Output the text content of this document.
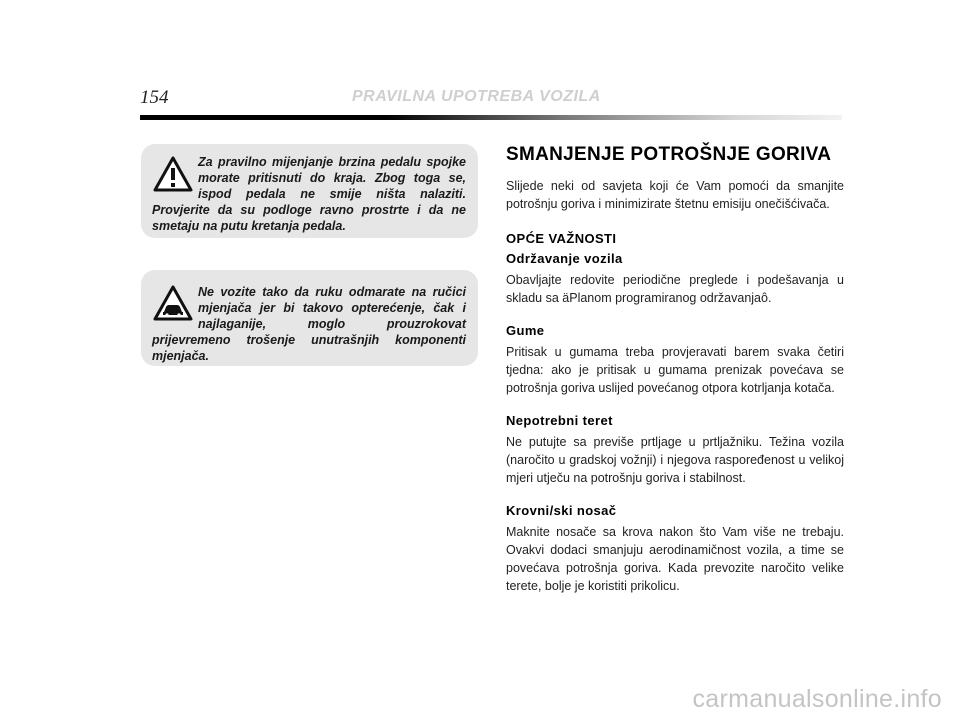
154	PRAVILNA UPOTREBA VOZILA
Za pravilno mijenjanje brzina pedalu spojke morate pritisnuti do kraja. Zbog toga se, ispod pedala ne smije ništa nalaziti. Provjerite da su podloge ravno prostrte i da ne smetaju na putu kretanja pedala.
Ne vozite tako da ruku odmarate na ručici mjenjača jer bi takovo opterećenje, čak i najlaganije, moglo prouzrokovat prijevremeno trošenje unutrašnjih komponenti mjenjača.
SMANJENJE POTROŠNJE GORIVA

Slijede neki od savjeta koji će Vam pomoći da smanjite potrošnju goriva i minimizirate štetnu emisiju onečišćivača.

OPĆE VAŽNOSTI

Održavanje vozila

Obavljajte redovite periodične preglede i podešavanja u skladu sa äPlanom programiranog održavanjaô.

Gume

Pritisak u gumama treba provjeravati barem svaka četiri tjedna: ako je pritisak u gumama prenizak povećava se potrošnja goriva uslijed povećanog otpora kotrljanja kotača.

Nepotrebni teret

Ne putujte sa previše prtljage u prtljažniku. Težina vozila (naročito u gradskoj vožnji) i njegova raspoređenost u velikoj mjeri utječu na potrošnju goriva i stabilnost.

Krovni/ski nosač

Maknite nosače sa krova nakon što Vam više ne trebaju. Ovakvi dodaci smanjuju aerodinamičnost vozila, a time se povećava potrošnja goriva. Kada prevozite naročito velike terete, bolje je koristiti prikolicu.

carmanualsonline.info
